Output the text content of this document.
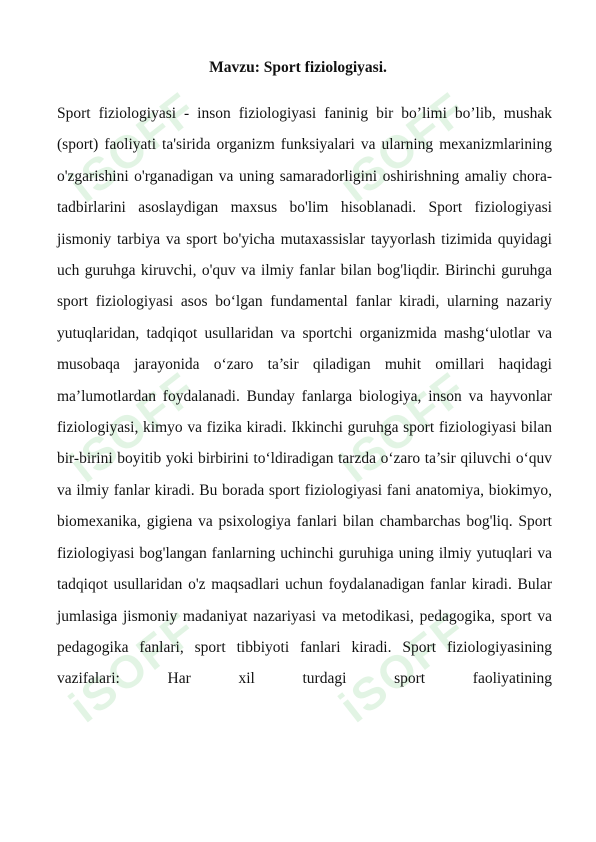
iSOFF	iSOFF
iSOFF	iSOFF
iSOFF	iSOFF
Mavzu: Sport fiziologiyasi.

Sport fiziologiyasi - inson fiziologiyasi faninig bir bo’limi bo’lib, mushak (sport) faoliyati ta'sirida organizm funksiyalari va ularning mexanizmlarining o'zgarishini o'rganadigan va uning samaradorligini oshirishning amaliy chora-tadbirlarini asoslaydigan maxsus bo'lim hisoblanadi. Sport fiziologiyasi jismoniy tarbiya va sport bo'yicha mutaxassislar tayyorlash tizimida quyidagi uch guruhga kiruvchi, o'quv va ilmiy fanlar bilan bog'liqdir. Birinchi guruhga sport fiziologiyasi asos bo‘lgan fundamental fanlar kiradi, ularning nazariy yutuqlaridan, tadqiqot usullaridan va sportchi organizmida mashg‘ulotlar va musobaqa jarayonida o‘zaro ta’sir qiladigan muhit omillari haqidagi ma’lumotlardan foydalanadi. Bunday fanlarga biologiya, inson va hayvonlar fiziologiyasi, kimyo va fizika kiradi. Ikkinchi guruhga sport fiziologiyasi bilan bir-birini boyitib yoki birbirini to‘ldiradigan tarzda o‘zaro ta’sir qiluvchi o‘quv va ilmiy fanlar kiradi. Bu borada sport fiziologiyasi fani anatomiya, biokimyo, biomexanika, gigiena va psixologiya fanlari bilan chambarchas bog'liq. Sport fiziologiyasi bog'langan fanlarning uchinchi guruhiga uning ilmiy yutuqlari va tadqiqot usullaridan o'z maqsadlari uchun foydalanadigan fanlar kiradi. Bular jumlasiga jismoniy madaniyat nazariyasi va metodikasi, pedagogika, sport va pedagogika fanlari, sport tibbiyoti fanlari kiradi. Sport fiziologiyasining vazifalari: Har xil turdagi sport faoliyatining
